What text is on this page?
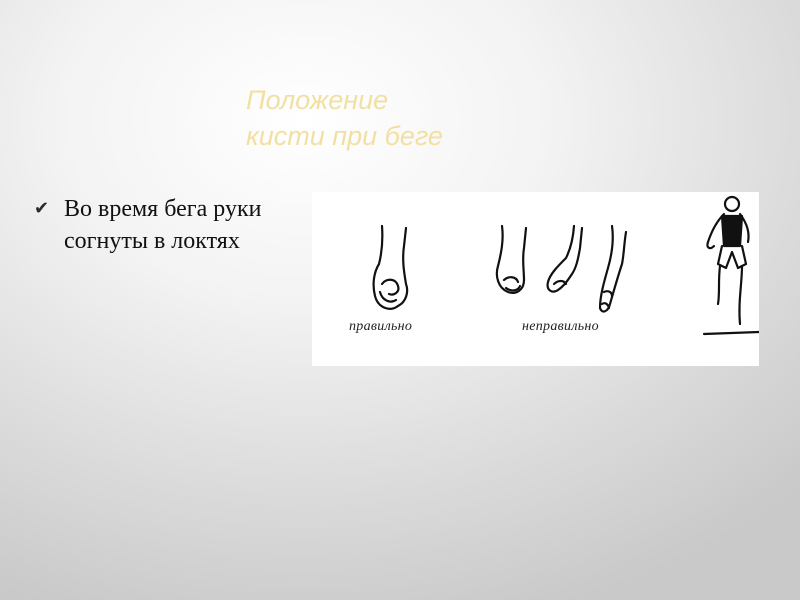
Положение
кисти при беге
✔ Во время бега руки согнуты в локтях
правильно	неправильно
